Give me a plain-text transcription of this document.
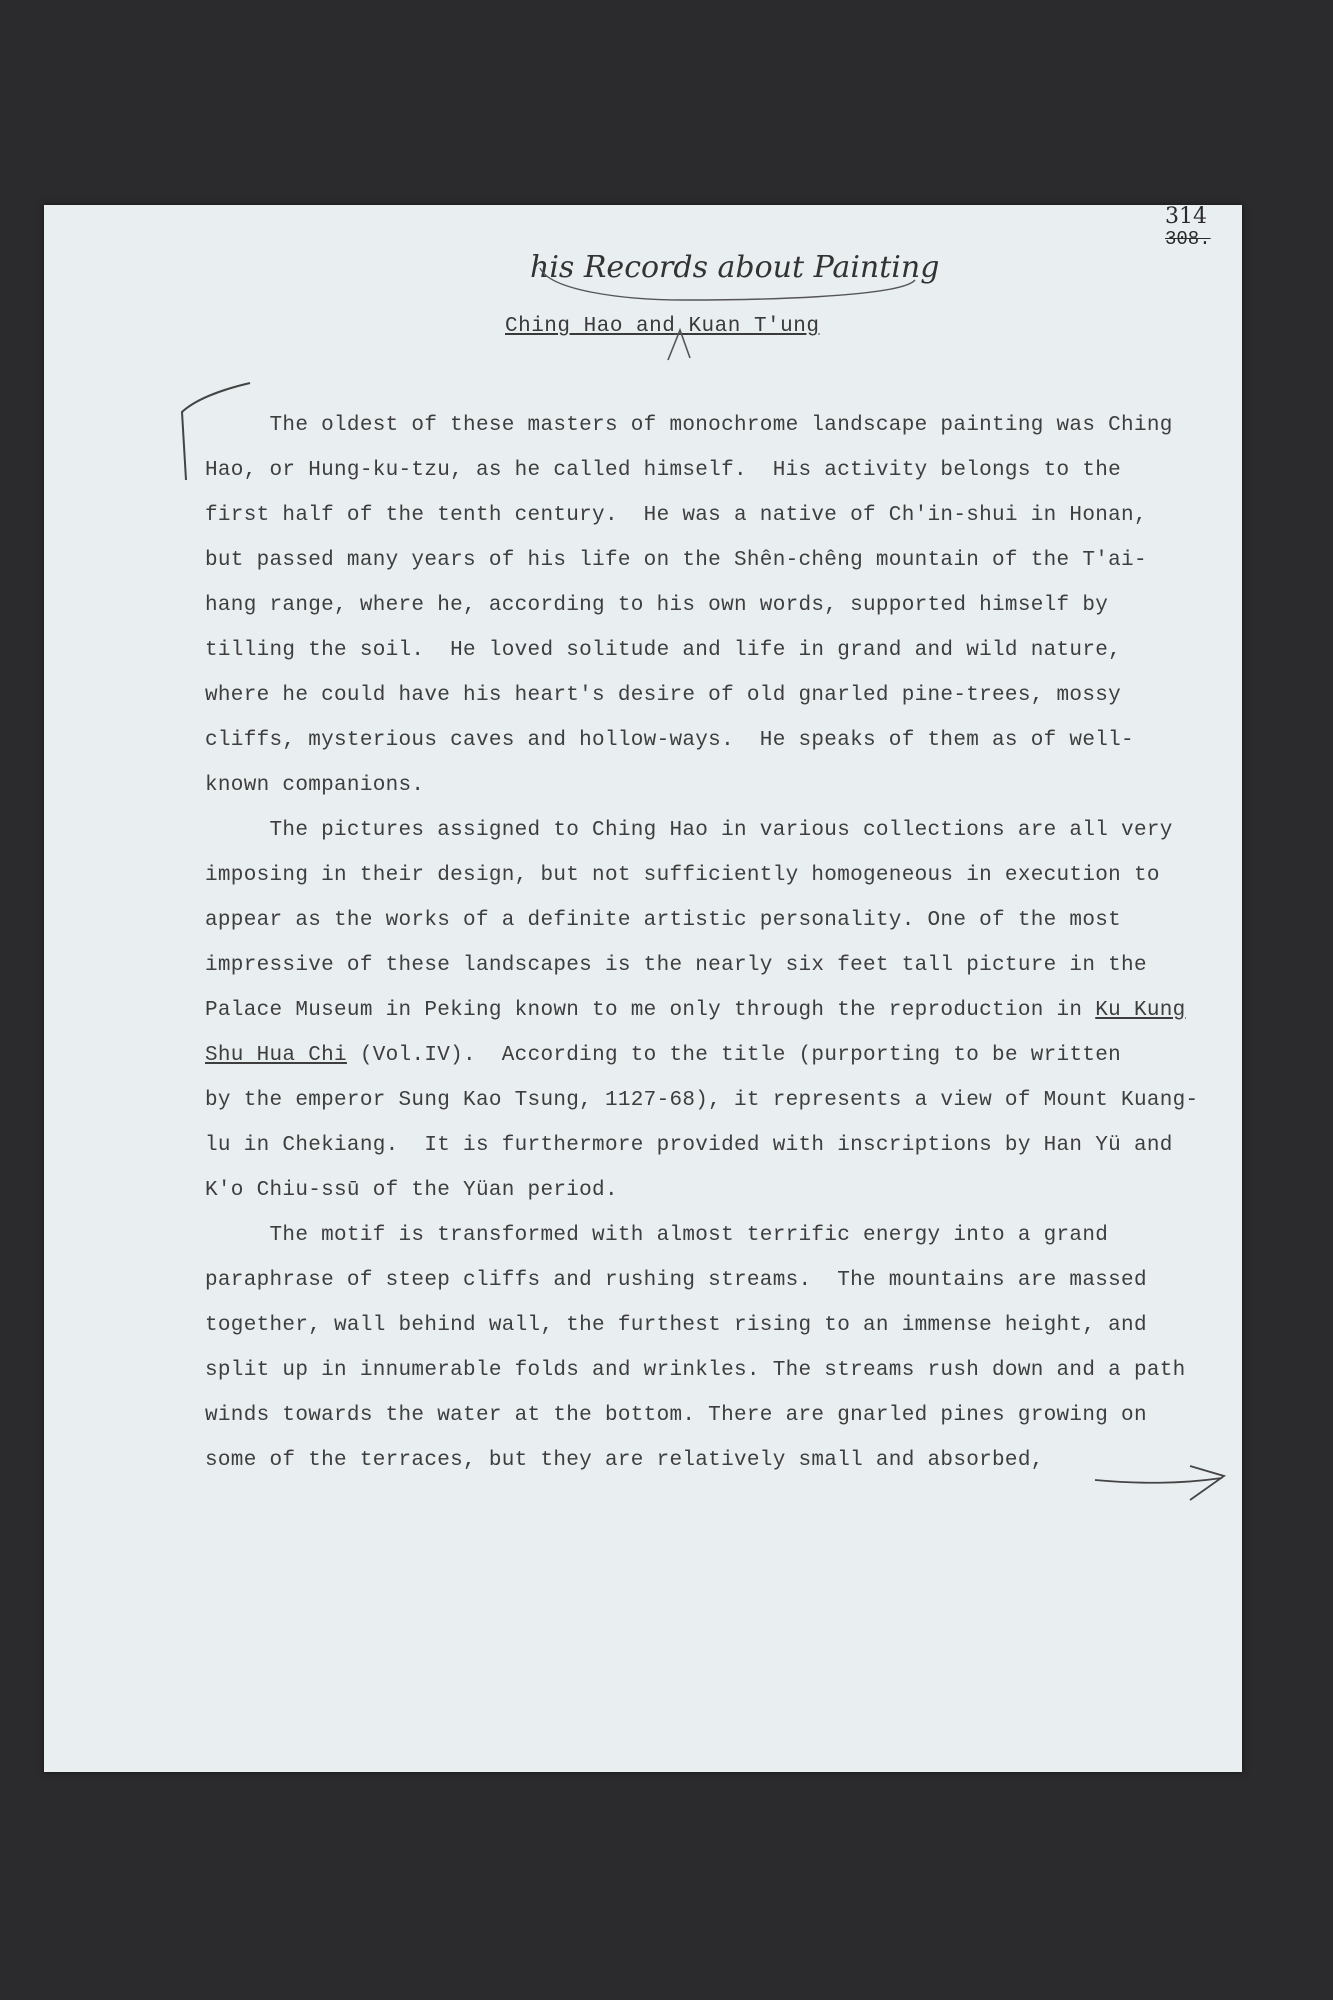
314
308.
his Records about Painting
Ching Hao and Kuan T'ung
The oldest of these masters of monochrome landscape painting was Ching
Hao, or Hung-ku-tzu, as he called himself.  His activity belongs to the
first half of the tenth century.  He was a native of Ch'in-shui in Honan,
but passed many years of his life on the Shên-chêng mountain of the T'ai-
hang range, where he, according to his own words, supported himself by
tilling the soil.  He loved solitude and life in grand and wild nature,
where he could have his heart's desire of old gnarled pine-trees, mossy
cliffs, mysterious caves and hollow-ways.  He speaks of them as of well-
known companions.
The pictures assigned to Ching Hao in various collections are all very
imposing in their design, but not sufficiently homogeneous in execution to
appear as the works of a definite artistic personality. One of the most
impressive of these landscapes is the nearly six feet tall picture in the
Palace Museum in Peking known to me only through the reproduction in Ku Kung
Shu Hua Chi (Vol.IV).  According to the title (purporting to be written
by the emperor Sung Kao Tsung, 1127-68), it represents a view of Mount Kuang-
lu in Chekiang.  It is furthermore provided with inscriptions by Han Yü and
K'o Chiu-ssū of the Yüan period.
The motif is transformed with almost terrific energy into a grand
paraphrase of steep cliffs and rushing streams.  The mountains are massed
together, wall behind wall, the furthest rising to an immense height, and
split up in innumerable folds and wrinkles. The streams rush down and a path
winds towards the water at the bottom. There are gnarled pines growing on
some of the terraces, but they are relatively small and absorbed,
